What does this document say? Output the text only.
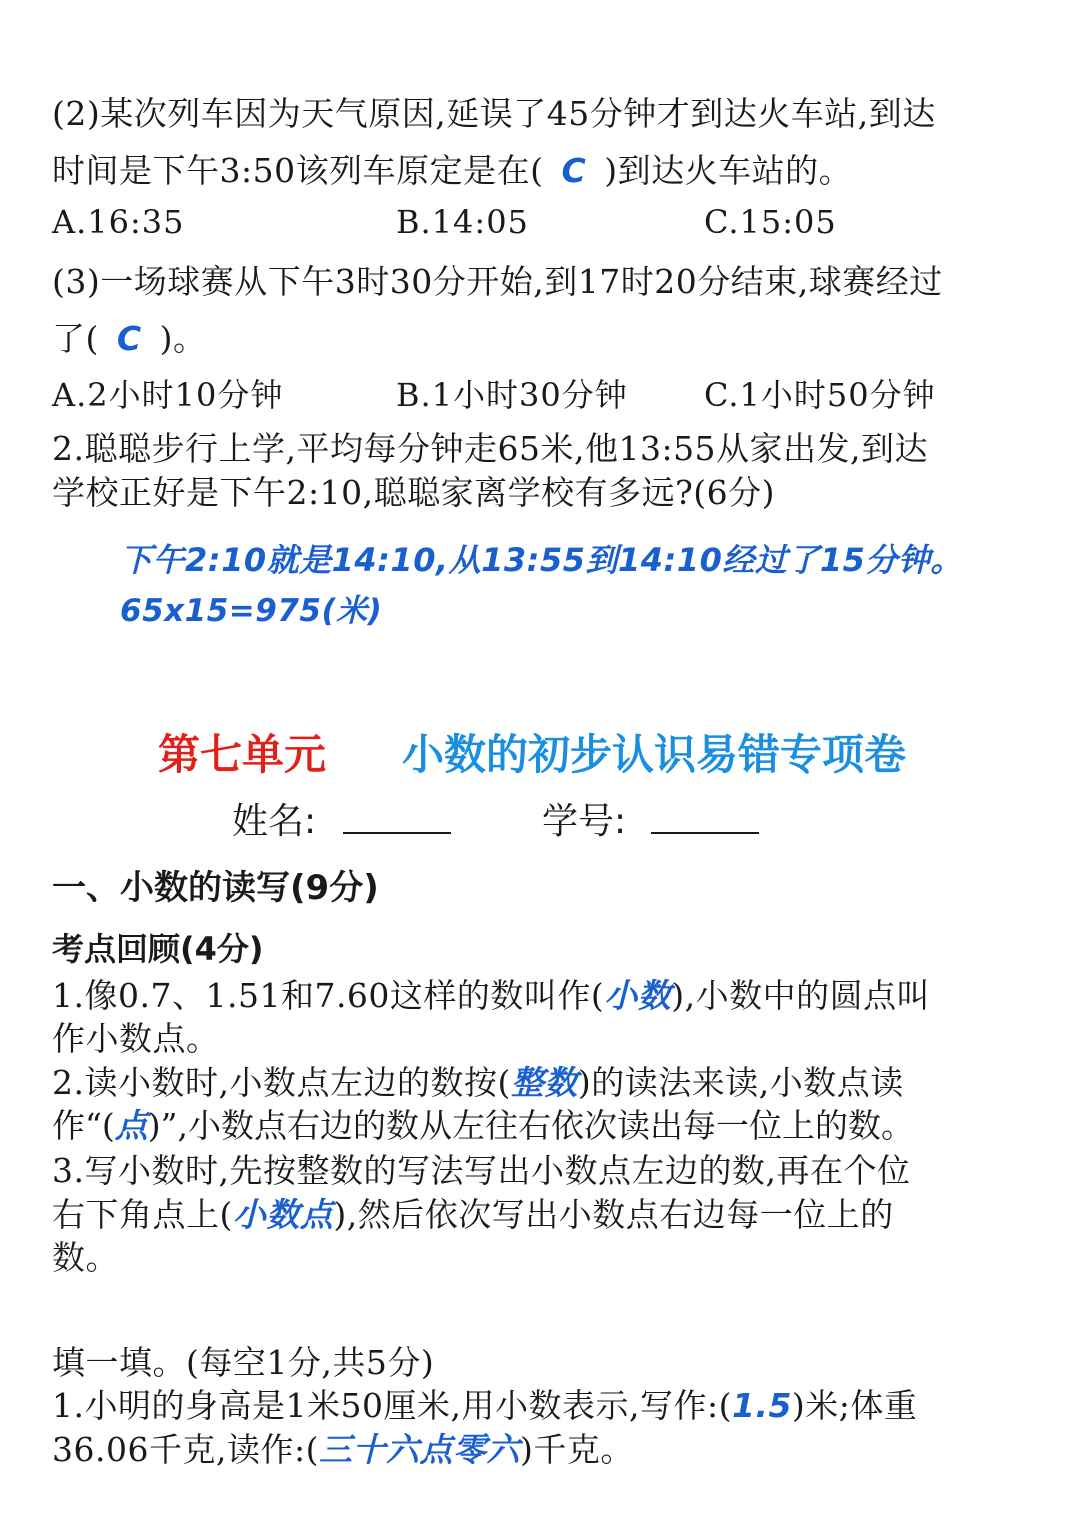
(2)某次列车因为天气原因,延误了45分钟才到达火车站,到达
时间是下午3:50该列车原定是在( C )到达火车站的。
A.16:35	B.14:05	C.15:05
(3)一场球赛从下午3时30分开始,到17时20分结束,球赛经过
了( C )。
A.2小时10分钟	B.1小时30分钟 C.1小时50分钟
2.聪聪步行上学,平均每分钟走65米,他13:55从家出发,到达
学校正好是下午2:10,聪聪家离学校有多远?(6分)
下午2:10就是14:10,从13:55到14:10经过了15分钟。
65x15=975(米)
第七单元 小数的初步认识易错专项卷
姓名:	学号:
一、小数的读写(9分)
考点回顾(4分)
1.像0.7、1.51和7.60这样的数叫作(小数),小数中的圆点叫
作小数点。
2.读小数时,小数点左边的数按(整数)的读法来读,小数点读
作“(点)”,小数点右边的数从左往右依次读出每一位上的数。
3.写小数时,先按整数的写法写出小数点左边的数,再在个位
右下角点上(小数点),然后依次写出小数点右边每一位上的
数。
填一填。(每空1分,共5分)
1.小明的身高是1米50厘米,用小数表示,写作:(1.5)米;体重
36.06千克,读作:(三十六点零六)千克。
